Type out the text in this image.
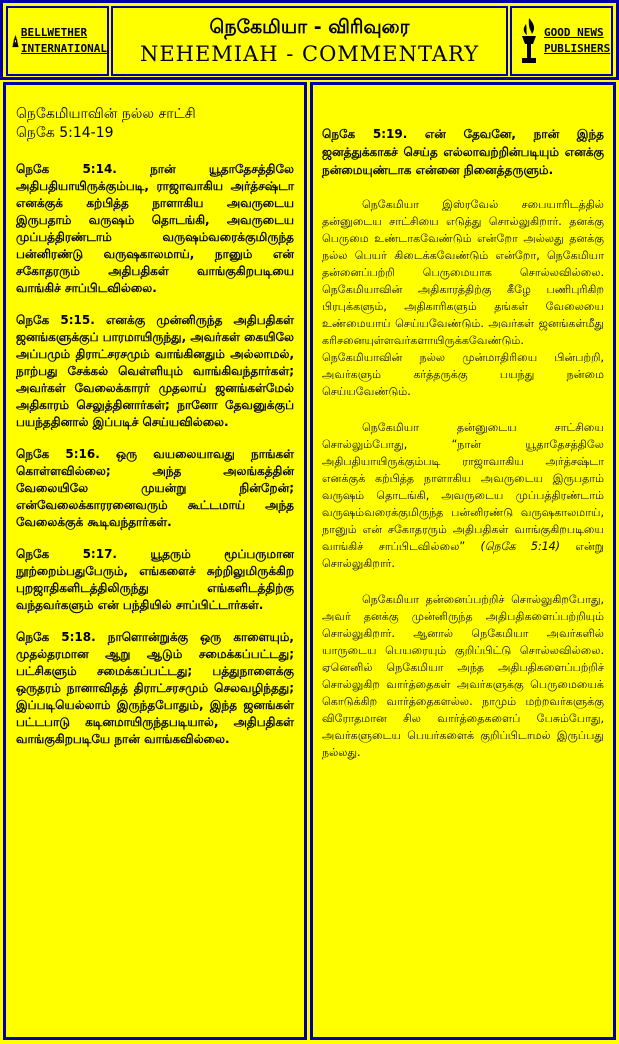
BELLWETHER
INTERNATIONAL
நெகேமியா - விரிவுரை
NEHEMIAH - COMMENTARY
GOOD NEWS
PUBLISHERS
நெகேமியாவின் நல்ல சாட்சி
நெகே 5:14-19

நெகே 5:14. நான் யூதாதேசத்திலே அதிபதியாயிருக்கும்படி, ராஜாவாகிய அர்த்சஷ்டா எனக்குக் கற்பித்த நாளாகிய அவருடைய இருபதாம் வருஷம் தொடங்கி, அவருடைய முப்பத்திரண்டாம் வருஷம்வரைக்குமிருந்த பன்னிரண்டு வருஷகாலமாய், நானும் என் சகோதரரும் அதிபதிகள் வாங்குகிறபடியை வாங்கிச் சாப்பிடவில்லை.

நெகே 5:15. எனக்கு முன்னிருந்த அதிபதிகள் ஜனங்களுக்குப் பாரமாயிருந்து, அவர்கள் கையிலே அப்பமும் திராட்சரசமும் வாங்கினதும் அல்லாமல், நாற்பது சேக்கல் வெள்ளியும் வாங்கிவந்தார்கள்; அவர்கள் வேலைக்காரர் முதலாய் ஜனங்கள்மேல் அதிகாரம் செலுத்தினார்கள்; நானோ தேவனுக்குப் பயந்ததினால் இப்படிச் செய்யவில்லை.

நெகே 5:16. ஒரு வயலையாவது நாங்கள் கொள்ளவில்லை; அந்த அலங்கத்தின் வேலையிலே முயன்று நின்றேன்; என்வேலைக்காரரனைவரும் கூட்டமாய் அந்த வேலைக்குக் கூடிவந்தார்கள்.

நெகே 5:17. யூதரும் மூப்பருமான நூற்றைம்பதுபேரும், எங்களைச் சுற்றிலுமிருக்கிற புறஜாதிகளிடத்திலிருந்து எங்களிடத்திற்கு வந்தவர்களும் என் பந்தியில் சாப்பிட்டார்கள்.

நெகே 5:18. நாளொன்றுக்கு ஒரு காளையும், முதல்தரமான ஆறு ஆடும் சமைக்கப்பட்டது; பட்சிகளும் சமைக்கப்பட்டது; பத்துநாளைக்கு ஒருதரம் நானாவிதத் திராட்சரசமும் செலவழிந்தது; இப்படியெல்லாம் இருந்தபோதும், இந்த ஜனங்கள் பட்டபாடு கடினமாயிருந்தபடியால், அதிபதிகள் வாங்குகிறபடியே நான் வாங்கவில்லை.

நெகே 5:19. என் தேவனே, நான் இந்த ஜனத்துக்காகச் செய்த எல்லாவற்றின்படியும் எனக்கு நன்மையுண்டாக என்னை நினைத்தருளும்.

நெகேமியா இஸ்ரவேல் சபையாரிடத்தில் தன்னுடைய சாட்சியை எடுத்து சொல்லுகிறார். தனக்கு பெருமை உண்டாகவேண்டும் என்றோ அல்லது தனக்கு நல்ல பெயர் கிடைக்கவேண்டும் என்றோ, நெகேமியா தன்னைப்பற்றி பெருமையாக சொல்லவில்லை. நெகேமியாவின் அதிகாரத்திற்கு கீழே பணிபுரிகிற பிரபுக்களும், அதிகாரிகளும் தங்கள் வேலையை உண்மையாய் செய்யவேண்டும். அவர்கள் ஜனங்கள்மீது கரிசனையுள்ளவர்களாயிருக்கவேண்டும். நெகேமியாவின் நல்ல முன்மாதிரியை பின்பற்றி, அவர்களும் கர்த்தருக்கு பயந்து நன்மை செய்யவேண்டும்.

நெகேமியா தன்னுடைய சாட்சியை சொல்லும்போது, “நான் யூதாதேசத்திலே அதிபதியாயிருக்கும்படி ராஜாவாகிய அர்த்சஷ்டா எனக்குக் கற்பித்த நாளாகிய அவருடைய இருபதாம் வருஷம் தொடங்கி, அவருடைய முப்பத்திரண்டாம் வருஷம்வரைக்குமிருந்த பன்னிரண்டு வருஷகாலமாய், நானும் என் சகோதரரும் அதிபதிகள் வாங்குகிறபடியை வாங்கிச் சாப்பிடவில்லை” (நெகே 5:14) என்று சொல்லுகிறார்.

நெகேமியா தன்னைப்பற்றிச் சொல்லுகிறபோது, அவர் தனக்கு முன்னிருந்த அதிபதிகளைப்பற்றியும் சொல்லுகிறார். ஆனால் நெகேமியா அவர்களில் யாருடைய பெயரையும் குறிப்பிட்டு சொல்லவில்லை. ஏனெனில் நெகேமியா அந்த அதிபதிகளைப்பற்றிச் சொல்லுகிற வார்த்தைகள் அவர்களுக்கு பெருமையைக் கொடுக்கிற வார்த்தைகளல்ல. நாமும் மற்றவர்களுக்கு விரோதமான சில வார்த்தைகளைப் பேசும்போது, அவர்களுடைய பெயர்களைக் குறிப்பிடாமல் இருப்பது நல்லது.
